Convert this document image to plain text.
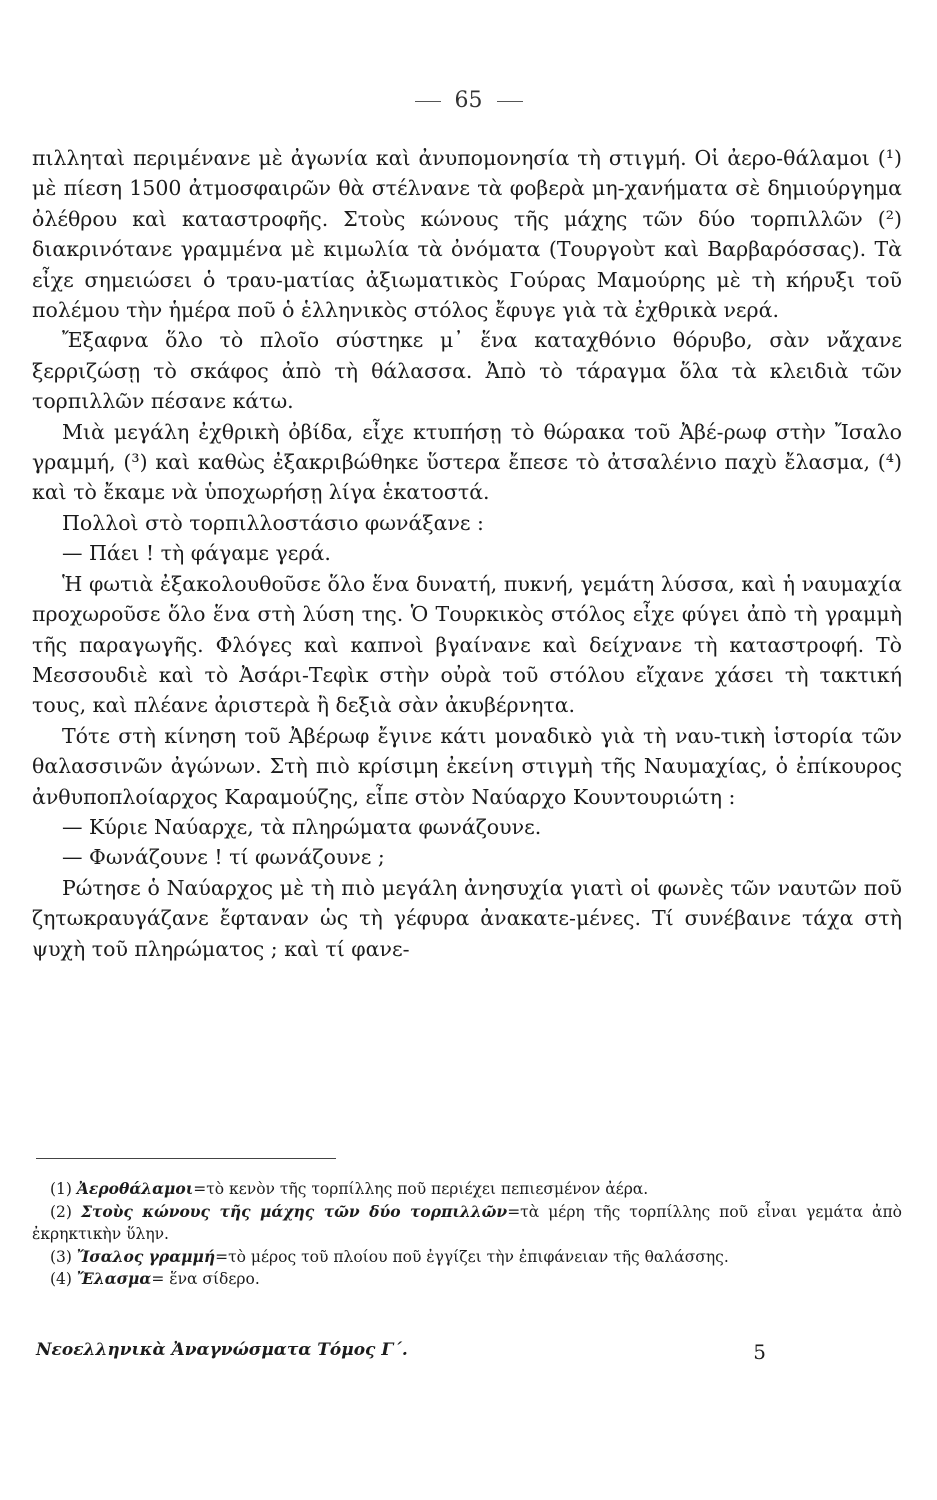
65

πιλληταὶ περιμένανε μὲ ἀγωνία καὶ ἀνυπομονησία τὴ στιγμή. Οἱ ἀερο-θάλαμοι (¹) μὲ πίεση 1500 ἀτμοσφαιρῶν θὰ στέλνανε τὰ φοβερὰ μη-χανήματα σὲ δημιούργημα ὀλέθρου καὶ καταστροφῆς. Στοὺς κώνους τῆς μάχης τῶν δύο τορπιλλῶν (²) διακρινότανε γραμμένα μὲ κιμωλία τὰ ὀνόματα (Τουργοὺτ καὶ Βαρβαρόσσας). Τὰ εἶχε σημειώσει ὁ τραυ-ματίας ἀξιωματικὸς Γούρας Μαμούρης μὲ τὴ κήρυξι τοῦ πολέμου τὴν ἡμέρα ποῦ ὁ ἑλληνικὸς στόλος ἔφυγε γιὰ τὰ ἐχθρικὰ νερά.

Ἔξαφνα ὅλο τὸ πλοῖο σύστηκε μ᾽ ἕνα καταχθόνιο θόρυβο, σὰν νἄχανε ξερριζώσῃ τὸ σκάφος ἀπὸ τὴ θάλασσα. Ἀπὸ τὸ τάραγμα ὅλα τὰ κλειδιὰ τῶν τορπιλλῶν πέσανε κάτω.

Μιὰ μεγάλη ἐχθρικὴ ὀβίδα, εἶχε κτυπήσῃ τὸ θώρακα τοῦ Ἀβέ-ρωφ στὴν Ἴσαλο γραμμή, (³) καὶ καθὼς ἐξακριβώθηκε ὕστερα ἔπεσε τὸ ἀτσαλένιο παχὺ ἔλασμα, (⁴) καὶ τὸ ἔκαμε νὰ ὑποχωρήσῃ λίγα ἑκατοστά.

Πολλοὶ στὸ τορπιλλοστάσιο φωνάξανε :

— Πάει ! τὴ φάγαμε γερά.

Ἡ φωτιὰ ἐξακολουθοῦσε ὅλο ἕνα δυνατή, πυκνή, γεμάτη λύσσα, καὶ ἡ ναυμαχία προχωροῦσε ὅλο ἕνα στὴ λύση της. Ὁ Τουρκικὸς στόλος εἶχε φύγει ἀπὸ τὴ γραμμὴ τῆς παραγωγῆς. Φλόγες καὶ καπνοὶ βγαίνανε καὶ δείχνανε τὴ καταστροφή. Τὸ Μεσσουδιὲ καὶ τὸ Ἀσάρι-Τεφὶκ στὴν οὐρὰ τοῦ στόλου εἴχανε χάσει τὴ τακτική τους, καὶ πλέανε ἀριστερὰ ἢ δεξιὰ σὰν ἀκυβέρνητα.

Τότε στὴ κίνηση τοῦ Ἀβέρωφ ἔγινε κάτι μοναδικὸ γιὰ τὴ ναυ-τικὴ ἱστορία τῶν θαλασσινῶν ἀγώνων. Στὴ πιὸ κρίσιμη ἐκείνη στιγμὴ τῆς Ναυμαχίας, ὁ ἐπίκουρος ἀνθυποπλοίαρχος Καραμούζης, εἶπε στὸν Ναύαρχο Κουντουριώτη :

— Κύριε Ναύαρχε, τὰ πληρώματα φωνάζουνε.

— Φωνάζουνε ! τί φωνάζουνε ;

Ρώτησε ὁ Ναύαρχος μὲ τὴ πιὸ μεγάλη ἀνησυχία γιατὶ οἱ φωνὲς τῶν ναυτῶν ποῦ ζητωκραυγάζανε ἔφταναν ὡς τὴ γέφυρα ἀνακατε-μένες. Τί συνέβαινε τάχα στὴ ψυχὴ τοῦ πληρώματος ; καὶ τί φανε-

(1) Ἀεροθάλαμοι=τὸ κενὸν τῆς τορπίλλης ποῦ περιέχει πεπιεσμένον ἀέρα.

(2) Στοὺς κώνους τῆς μάχης τῶν δύο τορπιλλῶν=τὰ μέρη τῆς τορπίλλης ποῦ εἶναι γεμάτα ἀπὸ ἐκρηκτικὴν ὕλην.

(3) Ἴσαλος γραμμή=τὸ μέρος τοῦ πλοίου ποῦ ἐγγίζει τὴν ἐπιφάνειαν τῆς θαλάσσης.

(4) Ἔλασμα= ἕνα σίδερο.

Νεοελληνικὰ Ἀναγνώσματα Τόμος Γ΄.	5
